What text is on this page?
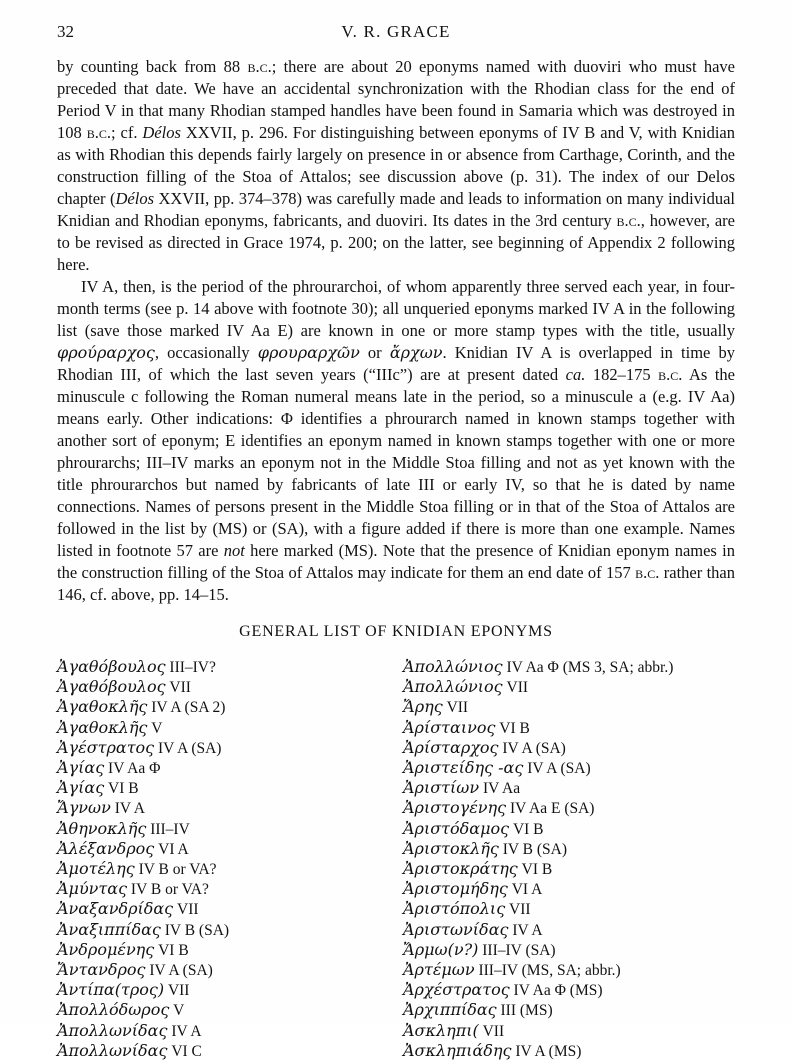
32	V. R. GRACE

by counting back from 88 b.c.; there are about 20 eponyms named with duoviri who must have preceded that date. We have an accidental synchronization with the Rhodian class for the end of Period V in that many Rhodian stamped handles have been found in Samaria which was destroyed in 108 b.c.; cf. Délos XXVII, p. 296. For distinguishing between eponyms of IV B and V, with Knidian as with Rhodian this depends fairly largely on presence in or absence from Carthage, Corinth, and the construction filling of the Stoa of Attalos; see discussion above (p. 31). The index of our Delos chapter (Délos XXVII, pp. 374–378) was carefully made and leads to information on many individual Knidian and Rhodian eponyms, fabricants, and duoviri. Its dates in the 3rd century b.c., however, are to be revised as directed in Grace 1974, p. 200; on the latter, see beginning of Appendix 2 following here.

IV A, then, is the period of the phrourarchoi, of whom apparently three served each year, in four-month terms (see p. 14 above with footnote 30); all unqueried eponyms marked IV A in the following list (save those marked IV Aa E) are known in one or more stamp types with the title, usually φρούραρχος, occasionally φρουραρχῶν or ἄρχων. Knidian IV A is overlapped in time by Rhodian III, of which the last seven years (“IIIc”) are at present dated ca. 182–175 b.c. As the minuscule c following the Roman numeral means late in the period, so a minuscule a (e.g. IV Aa) means early. Other indications: Φ identifies a phrourarch named in known stamps together with another sort of eponym; E identifies an eponym named in known stamps together with one or more phrourarchs; III–IV marks an eponym not in the Middle Stoa filling and not as yet known with the title phrourarchos but named by fabricants of late III or early IV, so that he is dated by name connections. Names of persons present in the Middle Stoa filling or in that of the Stoa of Attalos are followed in the list by (MS) or (SA), with a figure added if there is more than one example. Names listed in footnote 57 are not here marked (MS). Note that the presence of Knidian eponym names in the construction filling of the Stoa of Attalos may indicate for them an end date of 157 b.c. rather than 146, cf. above, pp. 14–15.

GENERAL LIST OF KNIDIAN EPONYMS
Ἀγαθόβουλος III–IV?
Ἀγαθόβουλος VII
Ἀγαθοκλῆς IV A (SA 2)
Ἀγαθοκλῆς V
Ἀγέστρατος IV A (SA)
Ἀγίας IV Aa Φ
Ἀγίας VI B
Ἄγνων IV A
Ἀθηνοκλῆς III–IV
Ἀλέξανδρος VI A
Ἀμοτέλης IV B or VA?
Ἀμύντας IV B or VA?
Ἀναξανδρίδας VII
Ἀναξιππίδας IV B (SA)
Ἀνδρομένης VI B
Ἄντανδρος IV A (SA)
Ἀντίπα(τρος) VII
Ἀπολλόδωρος V
Ἀπολλωνίδας IV A
Ἀπολλωνίδας VI C
Ἀπολλώνιος IV Aa Φ (MS 3, SA; abbr.)
Ἀπολλώνιος VII
Ἄρης VII
Ἀρίσταινος VI B
Ἀρίσταρχος IV A (SA)
Ἀριστείδης -ας IV A (SA)
Ἀριστίων IV Aa
Ἀριστογένης IV Aa E (SA)
Ἀριστόδαμος VI B
Ἀριστοκλῆς IV B (SA)
Ἀριστοκράτης VI B
Ἀριστομήδης VI A
Ἀριστόπολις VII
Ἀριστωνίδας IV A
Ἄρμω(ν?) III–IV (SA)
Ἀρτέμων III–IV (MS, SA; abbr.)
Ἀρχέστρατος IV Aa Φ (MS)
Ἀρχιππίδας III (MS)
Ἀσκληπι( VII
Ἀσκληπιάδης IV A (MS)
